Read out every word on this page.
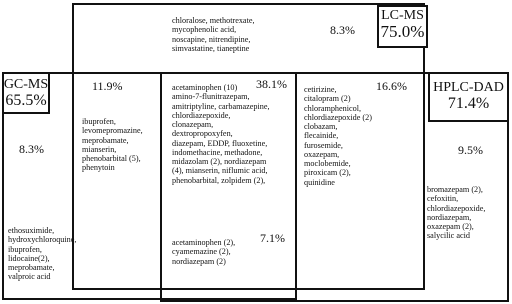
LC-MS
75.0%
GC-MS
65.5%
HPLC-DAD
71.4%
chloralose, methotrexate,
mycophenolic acid,
noscapine, nitrendipine,
simvastatine, tianeptine
8.3%
8.3%
ethosuximide,
hydroxychloroquine,
ibuprofen,
lidocaine(2),
meprobamate,
valproic acid
11.9%
ibuprofen,
levomepromazine,
meprobamate,
mianserin,
phenobarbital (5),
phenytoin
38.1%
acetaminophen (10)
amino-7-flunitrazepam,
amitriptyline, carbamazepine,
chlordiazepoxide,
clonazepam,
dextropropoxyfen,
diazepam, EDDP, fluoxetine,
indomethacine, methadone,
midazolam (2), nordiazepam
(4), mianserin, niflumic acid,
phenobarbital, zolpidem (2),
16.6%
cetirizine,
citalopram (2)
chloramphenicol,
chlordiazepoxide (2)
clobazam,
flecainide,
furosemide,
oxazepam,
moclobemide,
piroxicam (2),
quinidine
9.5%
bromazepam (2),
cefoxitin,
chlordiazepoxide,
nordiazepam,
oxazepam (2),
salycilic acid
acetaminophen (2),
cyamemazine (2),
nordiazepam (2)
7.1%
